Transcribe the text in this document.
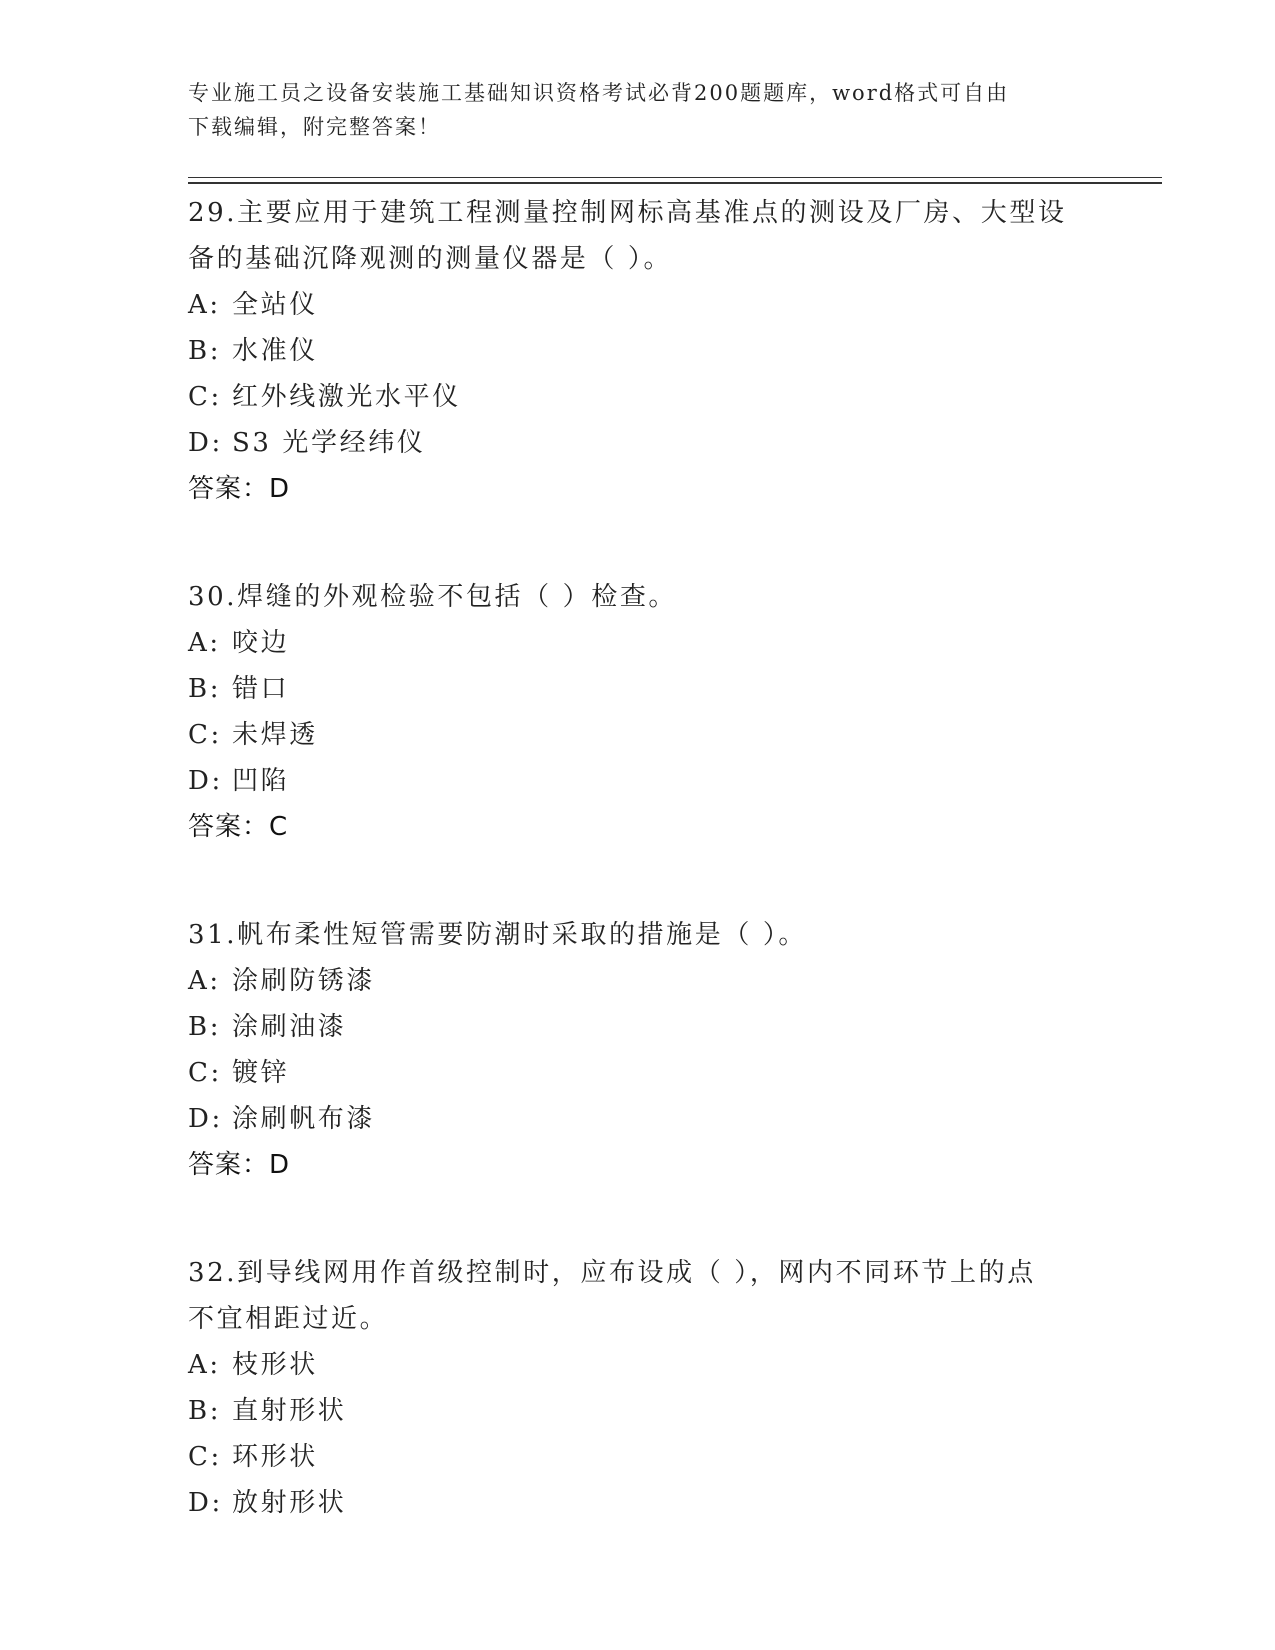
专业施工员之设备安装施工基础知识资格考试必背200题题库，word格式可自由
下载编辑，附完整答案！
29.主要应用于建筑工程测量控制网标高基准点的测设及厂房、大型设
备的基础沉降观测的测量仪器是（ ）。
A: 全站仪
B: 水准仪
C: 红外线激光水平仪
D: S3 光学经纬仪
答案：D
30.焊缝的外观检验不包括（ ）检查。
A: 咬边
B: 错口
C: 未焊透
D: 凹陷
答案：C
31.帆布柔性短管需要防潮时采取的措施是（ ）。
A: 涂刷防锈漆
B: 涂刷油漆
C: 镀锌
D: 涂刷帆布漆
答案：D
32.到导线网用作首级控制时，应布设成（ ），网内不同环节上的点
不宜相距过近。
A: 枝形状
B: 直射形状
C: 环形状
D: 放射形状
